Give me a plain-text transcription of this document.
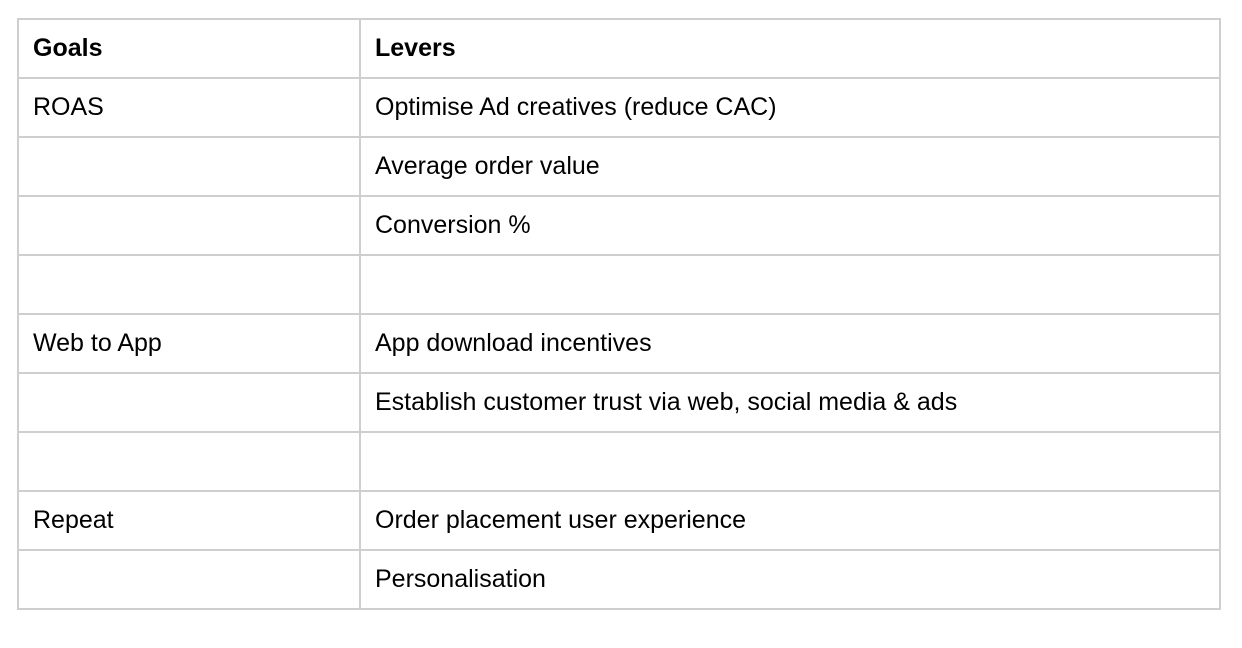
Goals	Levers
ROAS	Optimise Ad creatives (reduce CAC)
	Average order value
	Conversion %

Web to App	App download incentives
	Establish customer trust via web, social media & ads

Repeat	Order placement user experience
	Personalisation
